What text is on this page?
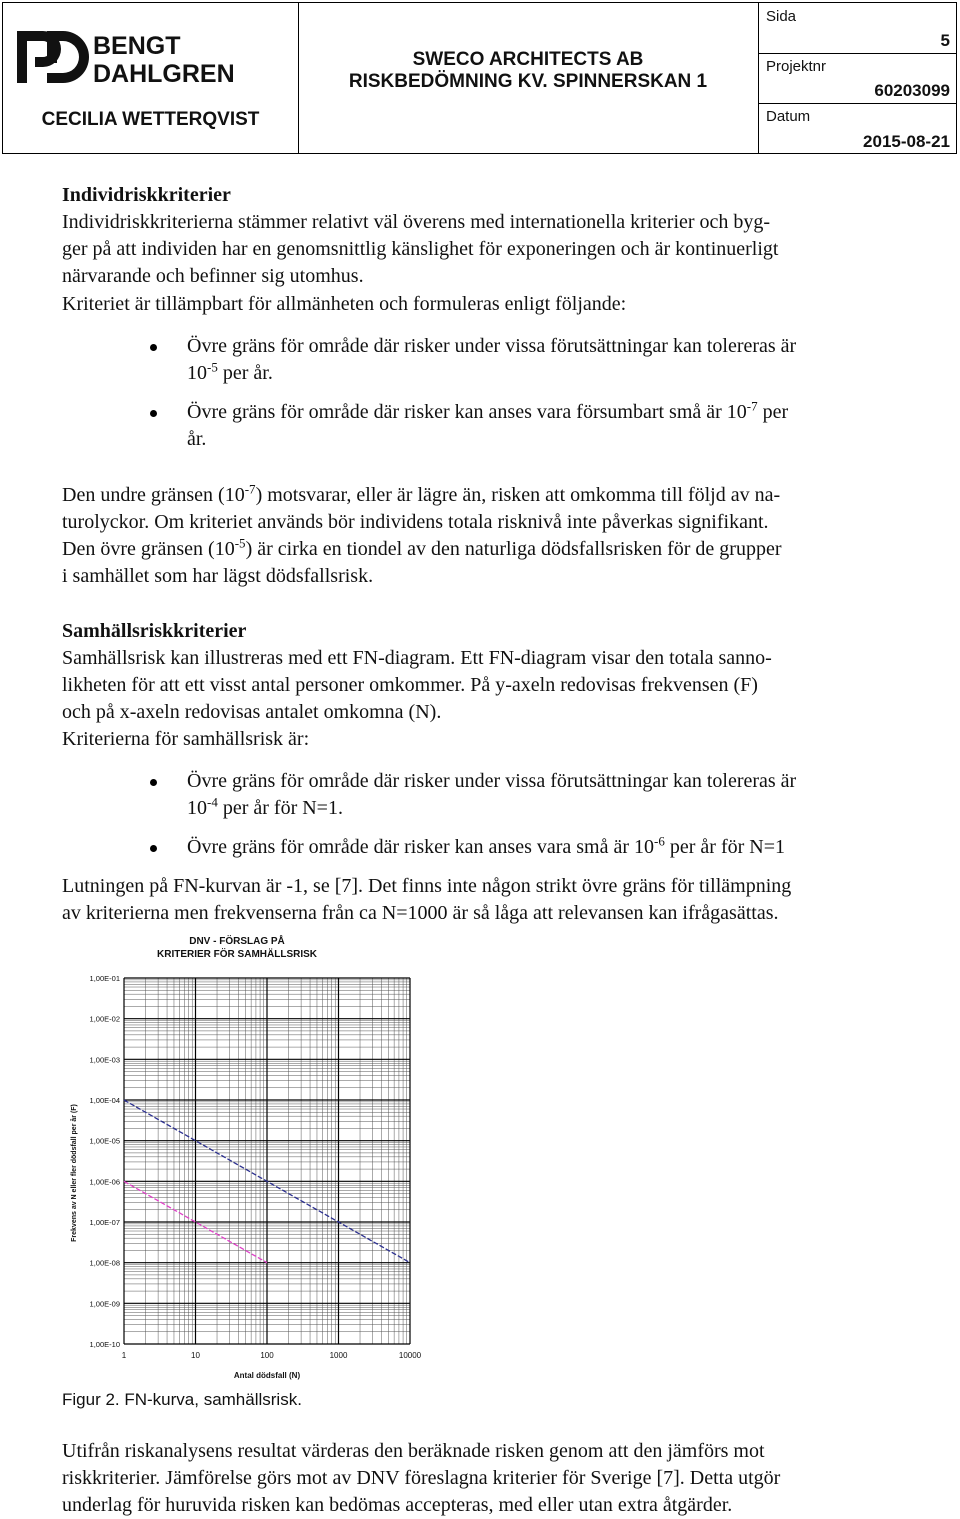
BENGT
DAHLGREN
CECILIA WETTERQVIST
SWECO ARCHITECTS AB
RISKBEDÖMNING KV. SPINNERSKAN 1
Sida
5
Projektnr
60203099
Datum
2015-08-21
Individriskkriterier
Individriskkriterierna stämmer relativt väl överens med internationella kriterier och byg-
ger på att individen har en genomsnittlig känslighet för exponeringen och är kontinuerligt
närvarande och befinner sig utomhus.
Kriteriet är tillämpbart för allmänheten och formuleras enligt följande:
Övre gräns för område där risker under vissa förutsättningar kan tolereras är
$10^{-5}$ per år.
Övre gräns för område där risker kan anses vara försumbart små är $10^{-7}$ per
år.
Den undre gränsen $(10^{-7})$ motsvarar, eller är lägre än, risken att omkomma till följd av na-
turolyckor. Om kriteriet används bör individens totala risknivå inte påverkas signifikant.
Den övre gränsen $(10^{-5})$ är cirka en tiondel av den naturliga dödsfallsrisken för de grupper
i samhället som har lägst dödsfallsrisk.
Samhällsriskkriterier
Samhällsrisk kan illustreras med ett FN-diagram. Ett FN-diagram visar den totala sanno-
likheten för att ett visst antal personer omkommer. På y-axeln redovisas frekvensen (F)
och på x-axeln redovisas antalet omkomna (N).
Kriterierna för samhällsrisk är:
Övre gräns för område där risker under vissa förutsättningar kan tolereras är
$10^{-4}$ per år för N=1.
Övre gräns för område där risker kan anses vara små är $10^{-6}$ per år för N=1
Lutningen på FN-kurvan är -1, se [7]. Det finns inte någon strikt övre gräns för tillämpning
av kriterierna men frekvenserna från ca N=1000 är så låga att relevansen kan ifrågasättas.
DNV - FÖRSLAG PÅ
KRITERIER FÖR SAMHÄLLSRISK
1,00E-01
1,00E-02
1,00E-03
1,00E-04
1,00E-05
1,00E-06
1,00E-07
1,00E-08
1,00E-09
1,00E-10
1	10	100	1000	10000
Antal dödsfall (N)
Frekvens av N eller fler dödsfall per år (F)
Figur 2. FN-kurva, samhällsrisk.
Utifrån riskanalysens resultat värderas den beräknade risken genom att den jämförs mot
riskkriterier. Jämförelse görs mot av DNV föreslagna kriterier för Sverige [7]. Detta utgör
underlag för huruvida risken kan bedömas accepteras, med eller utan extra åtgärder.
